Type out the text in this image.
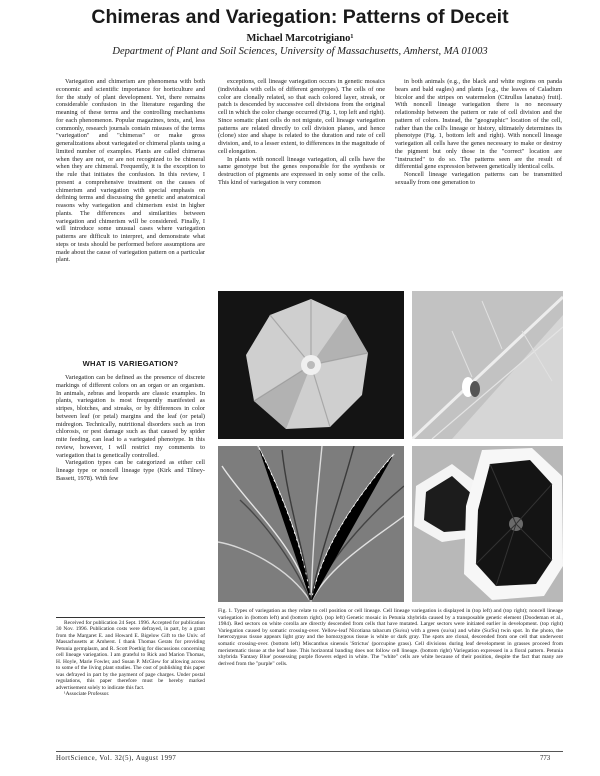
Chimeras and Variegation: Patterns of Deceit
Michael Marcotrigiano¹
Department of Plant and Soil Sciences, University of Massachusetts, Amherst, MA 01003

Variegation and chimerism are phenomena with both economic and scientific importance for horticulture and for the study of plant development. Yet, there remains considerable confusion in the literature regarding the meaning of these terms and the controlling mechanisms for each phenomenon. Popular magazines, texts, and, less commonly, research journals contain misuses of the terms "variegation" and "chimeras" or make gross generalizations about variegated or chimeral plants using a limited number of examples. Plants are called chimeras when they are not, or are not recognized to be chimeral when they are chimeral. Frequently, it is the exception to the rule that initiates the confusion. In this review, I present a comprehensive treatment on the causes of chimerism and variegation with special emphasis on defining terms and discussing the genetic and anatomical reasons why variegation and chimerism exist in higher plants. The differences and similarities between variegation and chimerism will be considered. Finally, I will introduce some unusual cases where variegation patterns are difficult to interpret, and demonstrate what steps or tests should be performed before assumptions are made about the cause of variegation pattern on a particular plant.

WHAT IS VARIEGATION?

Variegation can be defined as the presence of discrete markings of different colors on an organ or an organism. In animals, zebras and leopards are classic examples. In plants, variegation is most frequently manifested as stripes, blotches, and streaks, or by differences in color between leaf (or petal) margins and the leaf (or petal) midregion. Technically, nutritional disorders such as iron chlorosis, or pest damage such as that caused by spider mite feeding, can lead to a variegated phenotype. In this review, however, I will restrict my comments to variegation that is genetically controlled.

Variegation types can be categorized as either cell lineage type or noncell lineage type (Kirk and Tilney-Bassett, 1978). With few

Received for publication 24 Sept. 1996. Accepted for publication 30 Nov. 1996. Publication costs were defrayed, in part, by a grant from the Margaret E. and Howard E. Bigelow Gift to the Univ. of Massachusetts at Amherst. I thank Thomas Gerats for providing Petunia germplasm, and R. Scott Poethig for discussions concerning cell lineage variegation. I am grateful to Rick and Marion Thomas, H. Hoyle, Marie Fowler, and Susan P. McGlew for allowing access to some of the living plant studies. The cost of publishing this paper was defrayed in part by the payment of page charges. Under postal regulations, this paper therefore must be hereby marked advertisement solely to indicate this fact.

¹Associate Professor.

exceptions, cell lineage variegation occurs in genetic mosaics (individuals with cells of different genotypes). The cells of one color are clonally related, so that each colored layer, streak, or patch is descended by successive cell divisions from the original cell in which the color change occurred (Fig. 1, top left and right). Since somatic plant cells do not migrate, cell lineage variegation patterns are related directly to cell division planes, and hence (clone) size and shape is related to the duration and rate of cell division, and, to a lesser extent, to differences in the magnitude of cell elongation.

In plants with noncell lineage variegation, all cells have the same genotype but the genes responsible for the synthesis or destruction of pigments are expressed in only some of the cells. This kind of variegation is very common

in both animals (e.g., the black and white regions on panda bears and bald eagles) and plants [e.g., the leaves of Caladium bicolor and the stripes on watermelon (Citrullus lanatus) fruit]. With noncell lineage variegation there is no necessary relationship between the pattern or rate of cell division and the pattern of colors. Instead, the "geographic" location of the cell, rather than the cell's lineage or history, ultimately determines its phenotype (Fig. 1, bottom left and right). With noncell lineage variegation all cells have the genes necessary to make or destroy the pigment but only those in the "correct" location are "instructed" to do so. The patterns seen are the result of differential gene expression between genetically identical cells.

Noncell lineage variegation patterns can be transmitted sexually from one generation to

Fig. 1. Types of variegation as they relate to cell position or cell lineage. Cell lineage variegation is displayed in (top left) and (top right); noncell lineage variegation in (bottom left) and (bottom right). (top left) Genetic mosaic in Petunia xhybrida caused by a transposable genetic element (Doodeman et al., 1984). Red sectors on white corolla are directly descended from cells that have mutated. Larger sectors were initiated earlier in development. (top right) Variegation caused by somatic crossing-over. Yellow-leaf Nicotiana tabacum (Su/su) with a green (su/su) and white (Su/Su) twin spot. In the photo, the heterozygous tissue appears light gray and the homozygous tissue is white or dark gray. The spots are clonal, descended from one cell that underwent somatic crossing-over. (bottom left) Miscanthus sinensis 'Strictus' (porcupine grass). Cell divisions during leaf development in grasses proceed from meristematic tissue at the leaf base. This horizontal banding does not follow cell lineage. (bottom right) Variegation expressed in a floral pattern. Petunia xhybrida 'Fantasy Blue' possessing purple flowers edged in white. The "white" cells are white because of their position, despite the fact that many are derived from the "purple" cells.
HortScience, Vol. 32(5), August 1997	773
